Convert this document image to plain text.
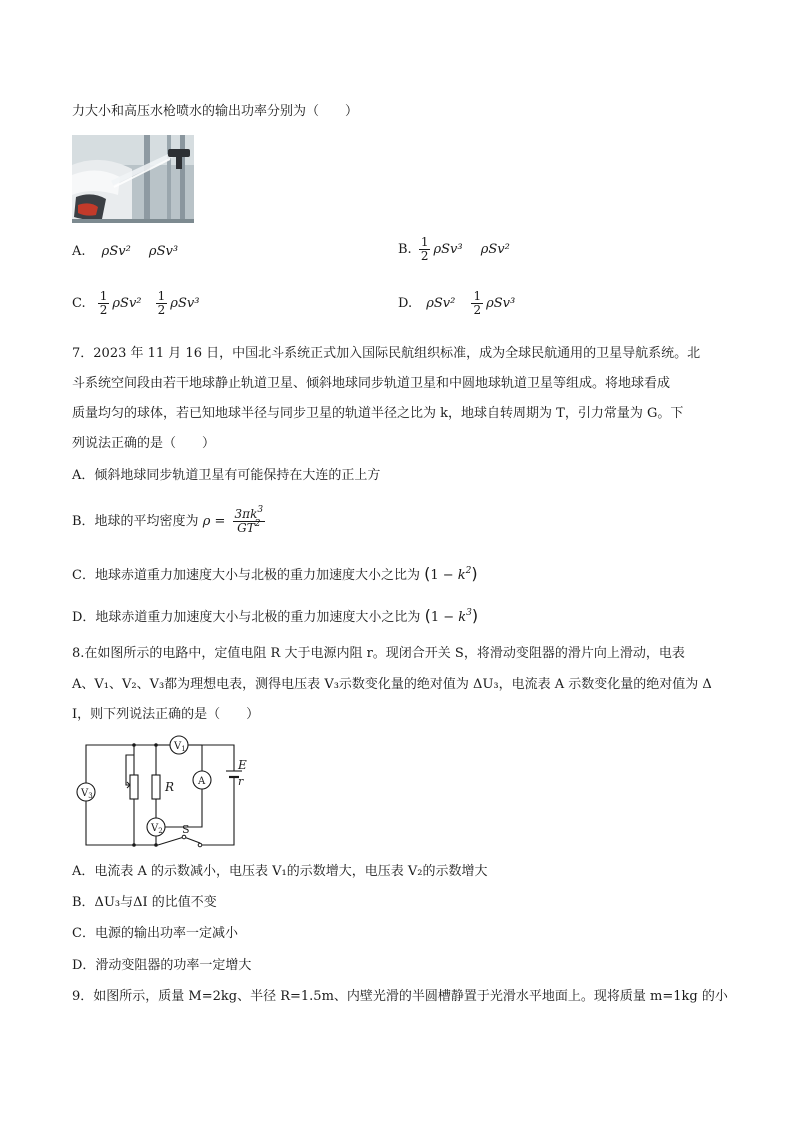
力大小和高压水枪喷水的输出功率分别为（　　）
A. ρSv² ρSv³	B. $\frac{1}{2} \rho Sv^3$ ρSv²
C. $\frac{1}{2} \rho Sv^2 \frac{1}{2} \rho Sv^3$	D. $\rho Sv^2 \frac{1}{2} \rho Sv^3$
7．2023 年 11 月 16 日，中国北斗系统正式加入国际民航组织标准，成为全球民航通用的卫星导航系统。北
斗系统空间段由若干地球静止轨道卫星、倾斜地球同步轨道卫星和中圆地球轨道卫星等组成。将地球看成
质量均匀的球体，若已知地球半径与同步卫星的轨道半径之比为 k，地球自转周期为 T，引力常量为 G。下
列说法正确的是（　　）
A．倾斜地球同步轨道卫星有可能保持在大连的正上方
B．地球的平均密度为 $\rho = \frac{3\pi k^3}{GT^2}$
C．地球赤道重力加速度大小与北极的重力加速度大小之比为 $(1 - k^2)$
D．地球赤道重力加速度大小与北极的重力加速度大小之比为 $(1 - k^3)$
8.在如图所示的电路中，定值电阻 R 大于电源内阻 r。现闭合开关 S，将滑动变阻器的滑片向上滑动，电表
A、V₁、V₂、V₃都为理想电表，测得电压表 V₃示数变化量的绝对值为 ΔU₃，电流表 A 示数变化量的绝对值为 Δ
I，则下列说法正确的是（　　）
$V_1$
A
$V_2$
$V_3$
R
E
r
S
A．电流表 A 的示数减小，电压表 V₁的示数增大，电压表 V₂的示数增大
B．ΔU₃与ΔI 的比值不变
C．电源的输出功率一定减小
D．滑动变阻器的功率一定增大
9．如图所示，质量 M=2kg、半径 R=1.5m、内壁光滑的半圆槽静置于光滑水平地面上。现将质量 m=1kg 的小
